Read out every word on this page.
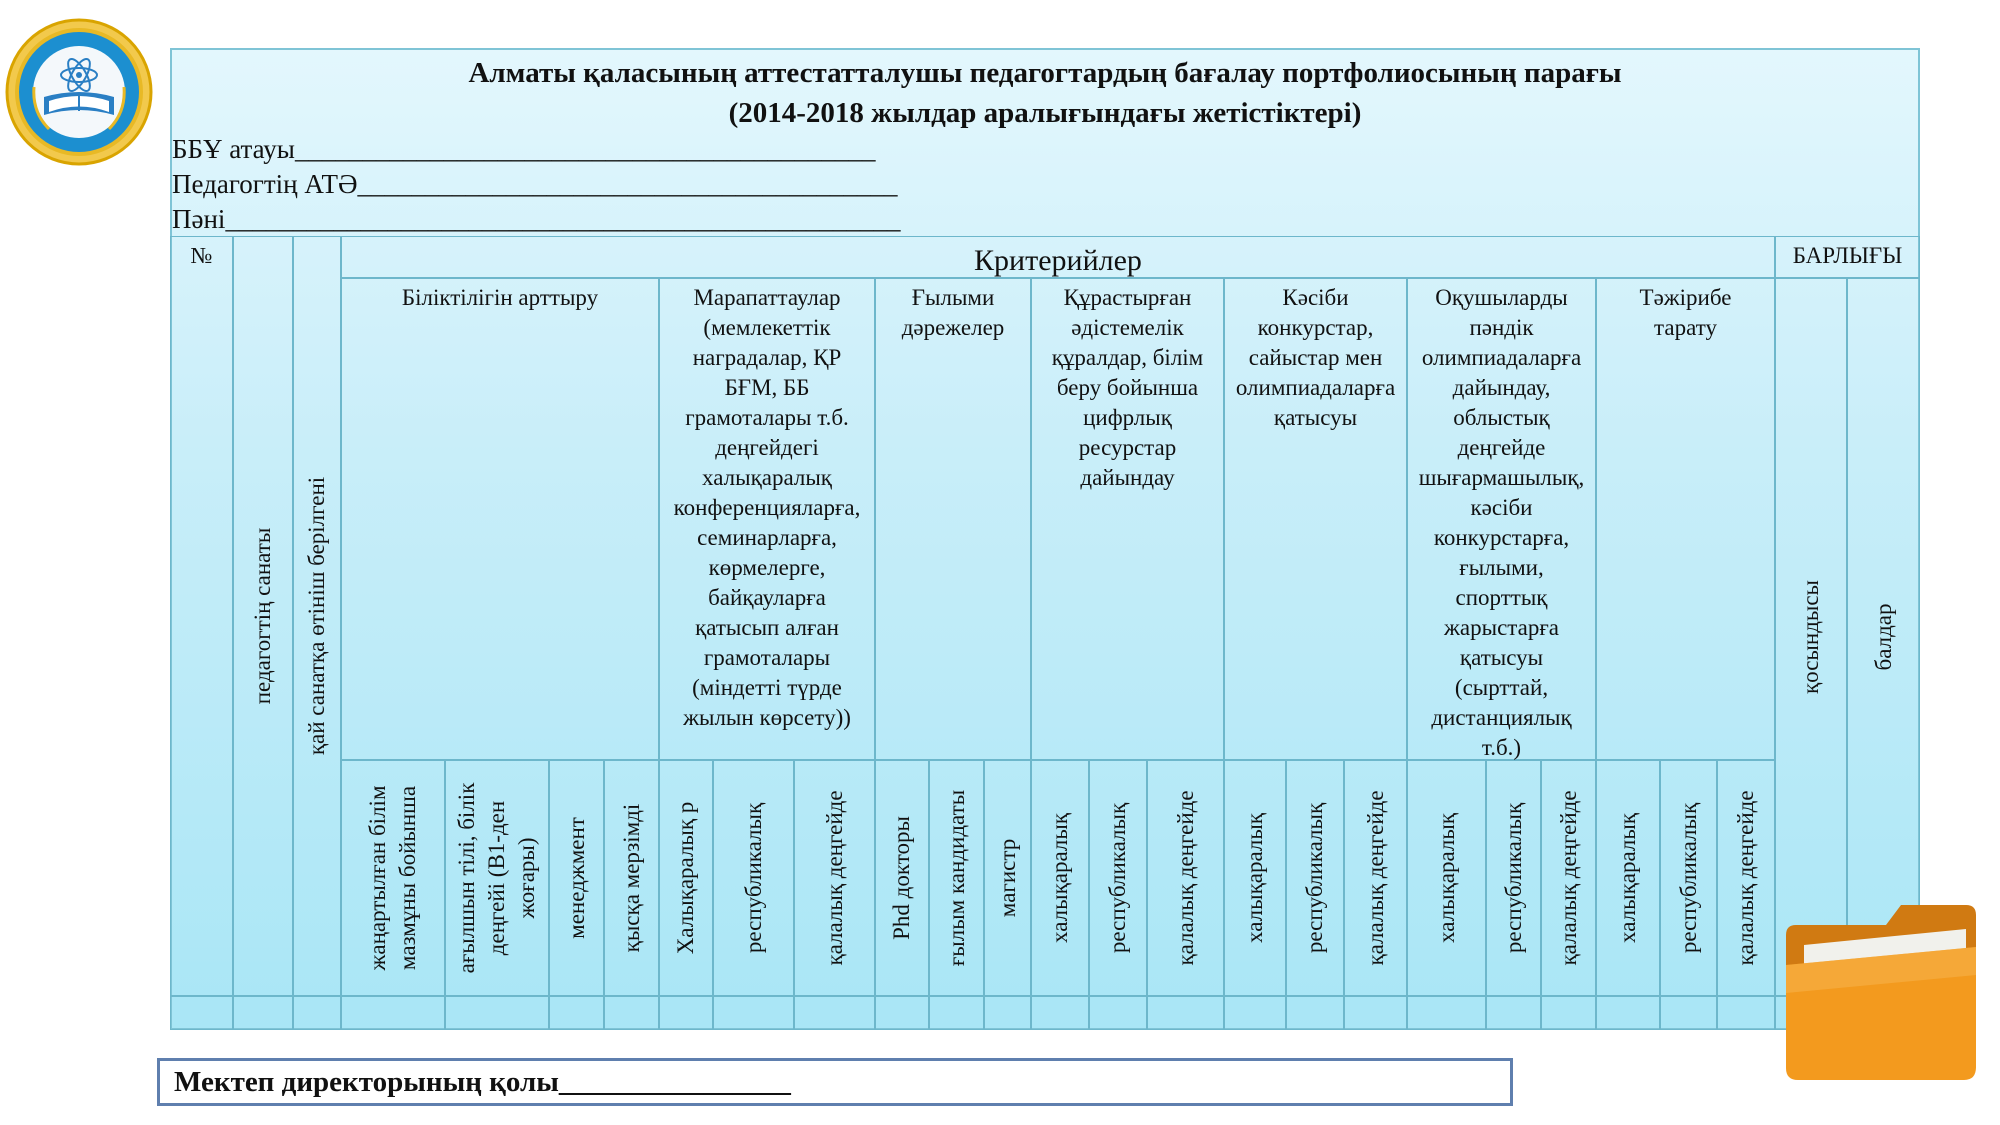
Алматы қаласының аттестатталушы педагогтардың бағалау портфолиосының парағы
(2014-2018 жылдар аралығындағы жетістіктері)
ББҰ атауы___________________________________________
Педагогтің АТӘ________________________________________
Пәні__________________________________________________
№
педагогтің санаты қай санатқа өтініш берілгені
Критерийлер	БАРЛЫҒЫ
Біліктілігін арттыру	Марапаттаулар (мемлекеттік наградалар, ҚР БҒМ, ББ грамоталары т.б. деңгейдегі халықаралық конференцияларға, семинарларға, көрмелерге, байқауларға қатысып алған грамоталары (міндетті түрде жылын көрсету))
Ғылыми дәрежелер
Құрастырған әдістемелік құралдар, білім беру бойынша цифрлық ресурстар дайындау
Кәсіби конкурстар, сайыстар мен олимпиадаларға қатысуы
Оқушыларды пәндік олимпиадаларға дайындау, облыстық деңгейде шығармашылық, кәсіби конкурстарға, ғылыми, спорттық жарыстарға қатысуы (сырттай, дистанциялық т.б.)
Тәжірибе тарату
қосындысы балдар
жаңартылған білім мазмұны бойынша ағылшын тілі, білік деңгейі (В1-ден жоғары) менеджмент қысқа мерзімді Халықаралық р республикалық қалалық деңгейде Phd докторы ғылым кандидаты магистр халықаралық республикалық қалалық деңгейде халықаралық республикалық қалалық деңгейде халықаралық республикалық қалалық деңгейде халықаралық республикалық қалалық деңгейде
Мектеп директорының қолы________________
